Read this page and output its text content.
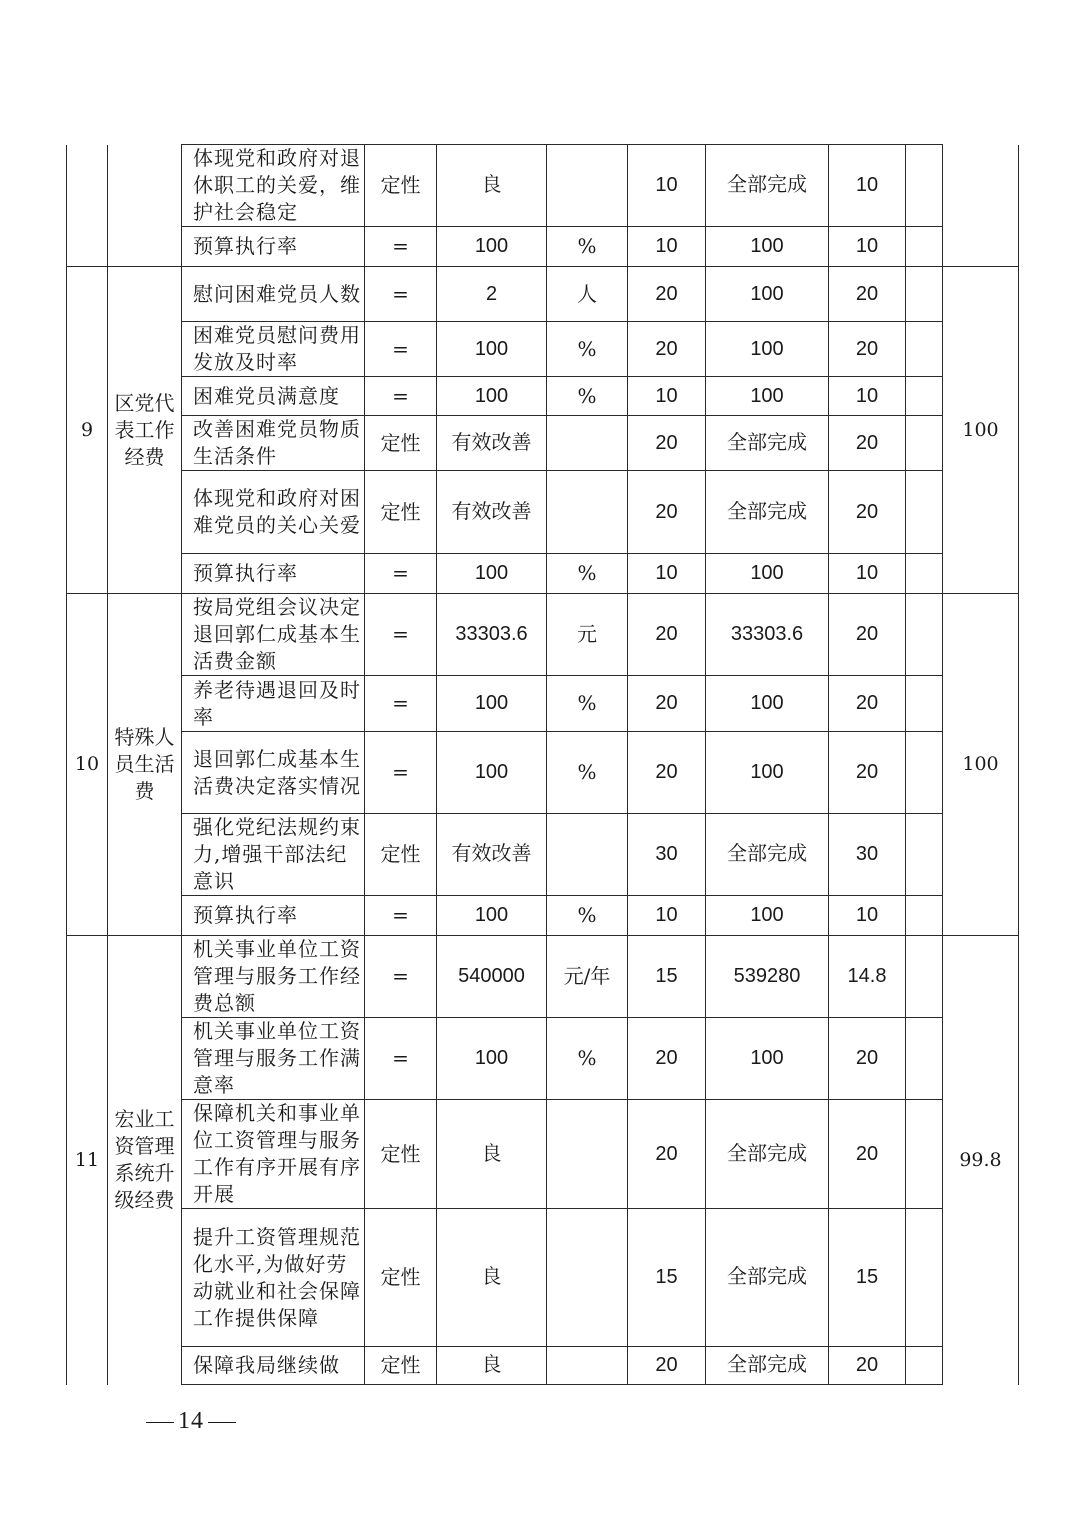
		体现党和政府对退休职工的关爱，维护社会稳定	定性	良		10	全部完成	10		
		预算执行率	=	100	%	10	100	10		
9	区党代表工作经费	慰问困难党员人数	=	2	人	20	100	20		100
		困难党员慰问费用发放及时率	=	100	%	20	100	20		
		困难党员满意度	=	100	%	10	100	10		
		改善困难党员物质生活条件	定性	有效改善		20	全部完成	20		
		体现党和政府对困难党员的关心关爱	定性	有效改善		20	全部完成	20		
		预算执行率	=	100	%	10	100	10		
10	特殊人员生活费	按局党组会议决定退回郭仁成基本生活费金额	=	33303.6	元	20	33303.6	20		100
		养老待遇退回及时率	=	100	%	20	100	20		
		退回郭仁成基本生活费决定落实情况	=	100	%	20	100	20		
		强化党纪法规约束力,增强干部法纪意识	定性	有效改善		30	全部完成	30		
		预算执行率	=	100	%	10	100	10		
11	宏业工资管理系统升级经费	机关事业单位工资管理与服务工作经费总额	=	540000	元/年	15	539280	14.8		99.8
		机关事业单位工资管理与服务工作满意率	=	100	%	20	100	20		
		保障机关和事业单位工资管理与服务工作有序开展有序开展	定性	良		20	全部完成	20		
		提升工资管理规范化水平,为做好劳动就业和社会保障工作提供保障	定性	良		15	全部完成	15		
		保障我局继续做	定性	良		20	全部完成	20		
14
